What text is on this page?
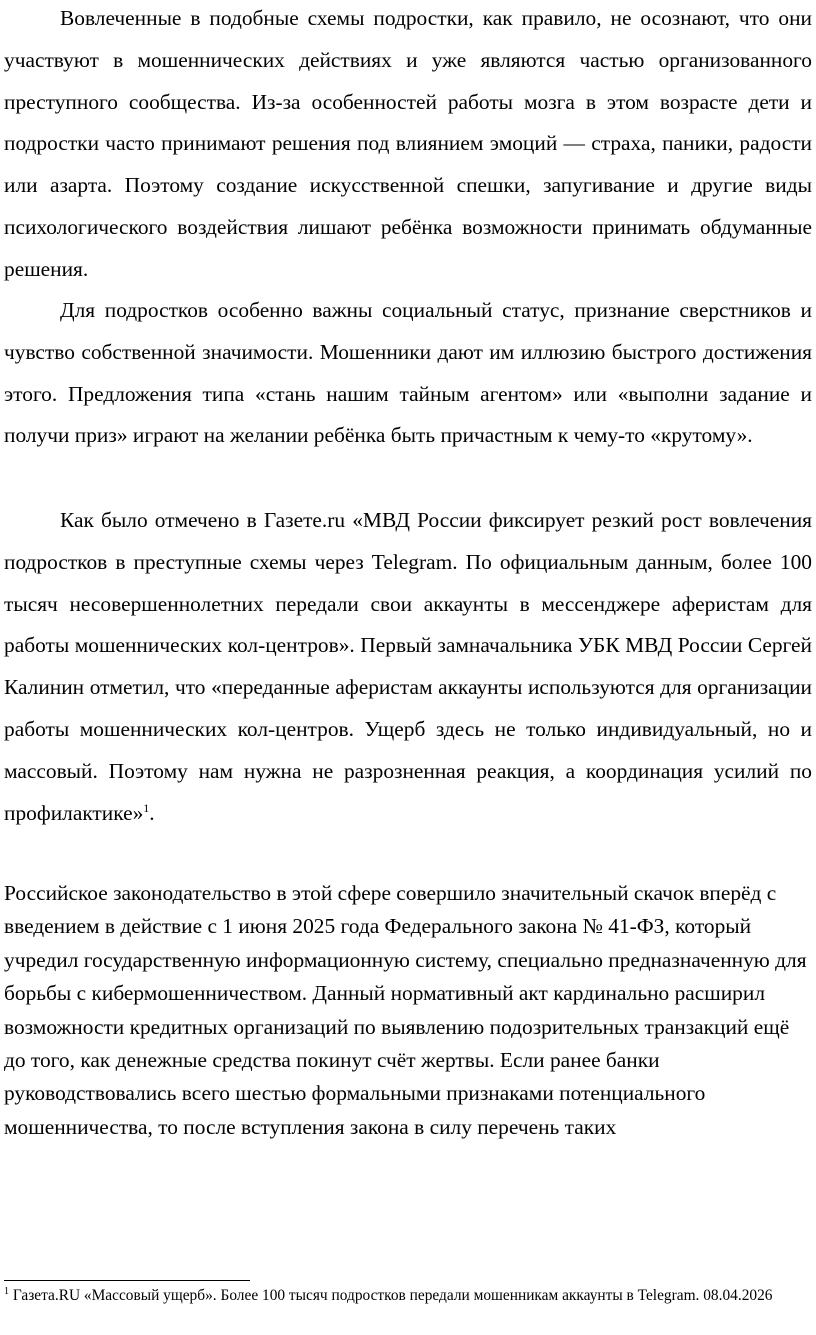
Вовлеченные в подобные схемы подростки, как правило, не осознают, что они участвуют в мошеннических действиях и уже являются частью организованного преступного сообщества. Из-за особенностей работы мозга в этом возрасте дети и подростки часто принимают решения под влиянием эмоций — страха, паники, радости или азарта. Поэтому создание искусственной спешки, запугивание и другие виды психологического воздействия лишают ребёнка возможности принимать обдуманные решения.

Для подростков особенно важны социальный статус, признание сверстников и чувство собственной значимости. Мошенники дают им иллюзию быстрого достижения этого. Предложения типа «стань нашим тайным агентом» или «выполни задание и получи приз» играют на желании ребёнка быть причастным к чему-то «крутому».

Как было отмечено в Газете.ru «МВД России фиксирует резкий рост вовлечения подростков в преступные схемы через Telegram. По официальным данным, более 100 тысяч несовершеннолетних передали свои аккаунты в мессенджере аферистам для работы мошеннических кол-центров». Первый замначальника УБК МВД России Сергей Калинин отметил, что «переданные аферистам аккаунты используются для организации работы мошеннических кол-центров. Ущерб здесь не только индивидуальный, но и массовый. Поэтому нам нужна не разрозненная реакция, а координация усилий по профилактике»$^1$.

Российское законодательство в этой сфере совершило значительный скачок вперёд с введением в действие с 1 июня 2025 года Федерального закона № 41-ФЗ, который учредил государственную информационную систему, специально предназначенную для борьбы с кибермошенничеством. Данный нормативный акт кардинально расширил возможности кредитных организаций по выявлению подозрительных транзакций ещё до того, как денежные средства покинут счёт жертвы. Если ранее банки руководствовались всего шестью формальными признаками потенциального мошенничества, то после вступления закона в силу перечень таких

$^1$ Газета.RU «Массовый ущерб». Более 100 тысяч подростков передали мошенникам аккаунты в Telegram. 08.04.2026
